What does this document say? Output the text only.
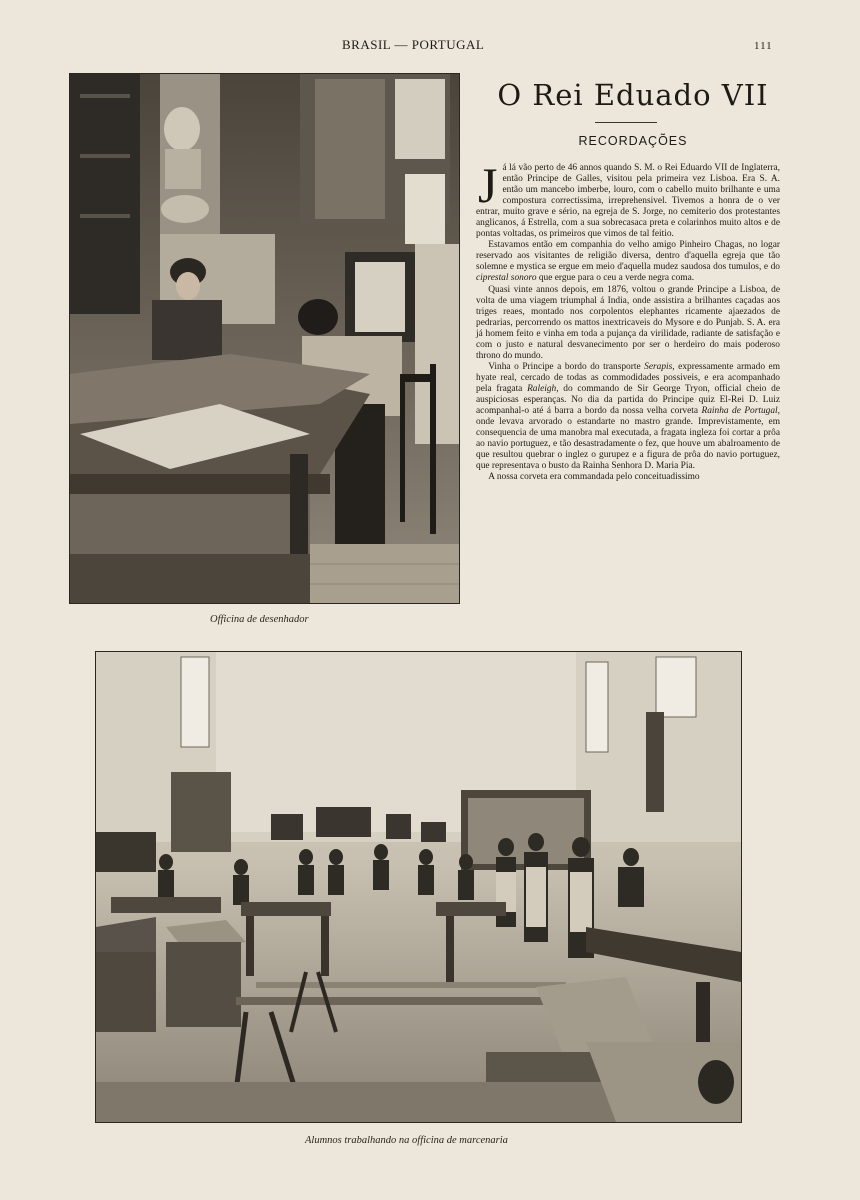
BRASIL — PORTUGAL	111
Officina de desenhador
O Rei Eduado VII
RECORDAÇÕES

Já lá vão perto de 46 annos quando S. M. o Rei Eduardo VII de Inglaterra, então Principe de Galles, visitou pela primeira vez Lisboa. Era S. A. então um mancebo imberbe, louro, com o cabello muito brilhante e uma compostura correctissima, irreprehensivel. Tivemos a honra de o ver entrar, muito grave e sério, na egreja de S. Jorge, no cemiterio dos protestantes anglicanos, á Estrella, com a sua sobrecasaca preta e colarinhos muito altos e de pontas voltadas, os primeiros que vimos de tal feitio.

Estavamos então em companhia do velho amigo Pinheiro Chagas, no logar reservado aos visitantes de religião diversa, dentro d'aquella egreja que tão solemne e mystica se ergue em meio d'aquella mudez saudosa dos tumulos, e do ciprestal sonoro que ergue para o ceu a verde negra coma.

Quasi vinte annos depois, em 1876, voltou o grande Principe a Lisboa, de volta de uma viagem triumphal á India, onde assistira a brilhantes caçadas aos triges reaes, montado nos corpolentos elephantes ricamente ajaezados de pedrarias, percorrendo os mattos inextricaveis do Mysore e do Punjab. S. A. era já homem feito e vinha em toda a pujança da virilidade, radiante de satisfação e com o justo e natural desvanecimento por ser o herdeiro do mais poderoso throno do mundo.

Vinha o Principe a bordo do transporte Serapis, expressamente armado em hyate real, cercado de todas as commodidades possiveis, e era acompanhado pela fragata Raleigh, do commando de Sir George Tryon, official cheio de auspiciosas esperanças. No dia da partida do Principe quiz El-Rei D. Luiz acompanhal-o até á barra a bordo da nossa velha corveta Rainha de Portugal, onde levava arvorado o estandarte no mastro grande. Imprevistamente, em consequencia de uma manobra mal executada, a fragata ingleza foi cortar a prôa ao navio portuguez, e tão desastradamente o fez, que houve um abalroamento de que resultou quebrar o inglez o gurupez e a figura de prôa do navio portuguez, que representava o busto da Rainha Senhora D. Maria Pia.

A nossa corveta era commandada pelo conceituadissimo

Alumnos trabalhando na officina de marcenaria
